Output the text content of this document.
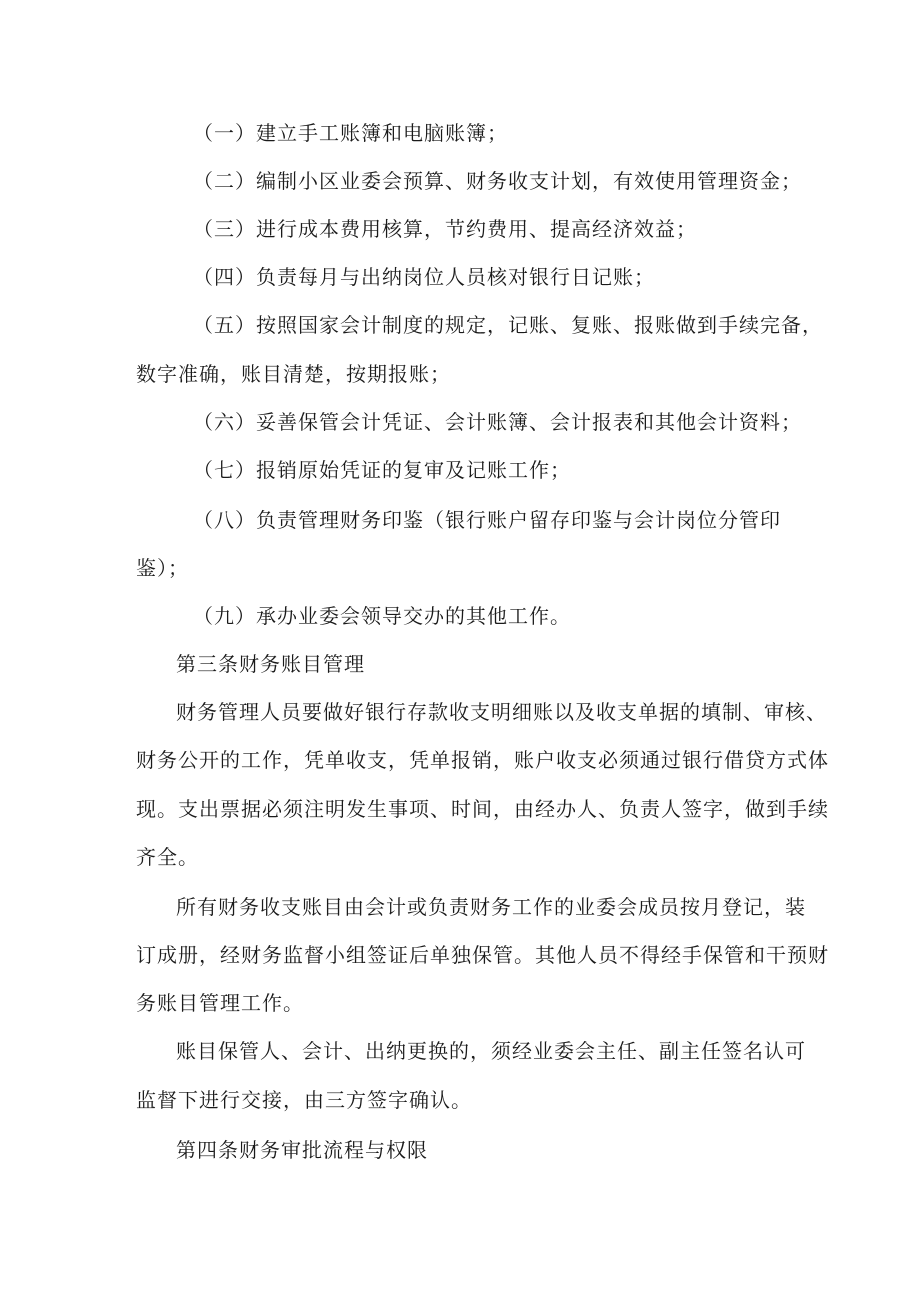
（一）建立手工账簿和电脑账簿；
（二）编制小区业委会预算、财务收支计划，有效使用管理资金；
（三）进行成本费用核算，节约费用、提高经济效益；
（四）负责每月与出纳岗位人员核对银行日记账；
（五）按照国家会计制度的规定，记账、复账、报账做到手续完备，
数字准确，账目清楚，按期报账；
（六）妥善保管会计凭证、会计账簿、会计报表和其他会计资料；
（七）报销原始凭证的复审及记账工作；
（八）负责管理财务印鉴（银行账户留存印鉴与会计岗位分管印
鉴）；
（九）承办业委会领导交办的其他工作。
第三条财务账目管理
财务管理人员要做好银行存款收支明细账以及收支单据的填制、审核、
财务公开的工作，凭单收支，凭单报销，账户收支必须通过银行借贷方式体
现。支出票据必须注明发生事项、时间，由经办人、负责人签字，做到手续
齐全。
所有财务收支账目由会计或负责财务工作的业委会成员按月登记，装
订成册，经财务监督小组签证后单独保管。其他人员不得经手保管和干预财
务账目管理工作。
账目保管人、会计、出纳更换的，须经业委会主任、副主任签名认可
监督下进行交接，由三方签字确认。
第四条财务审批流程与权限
